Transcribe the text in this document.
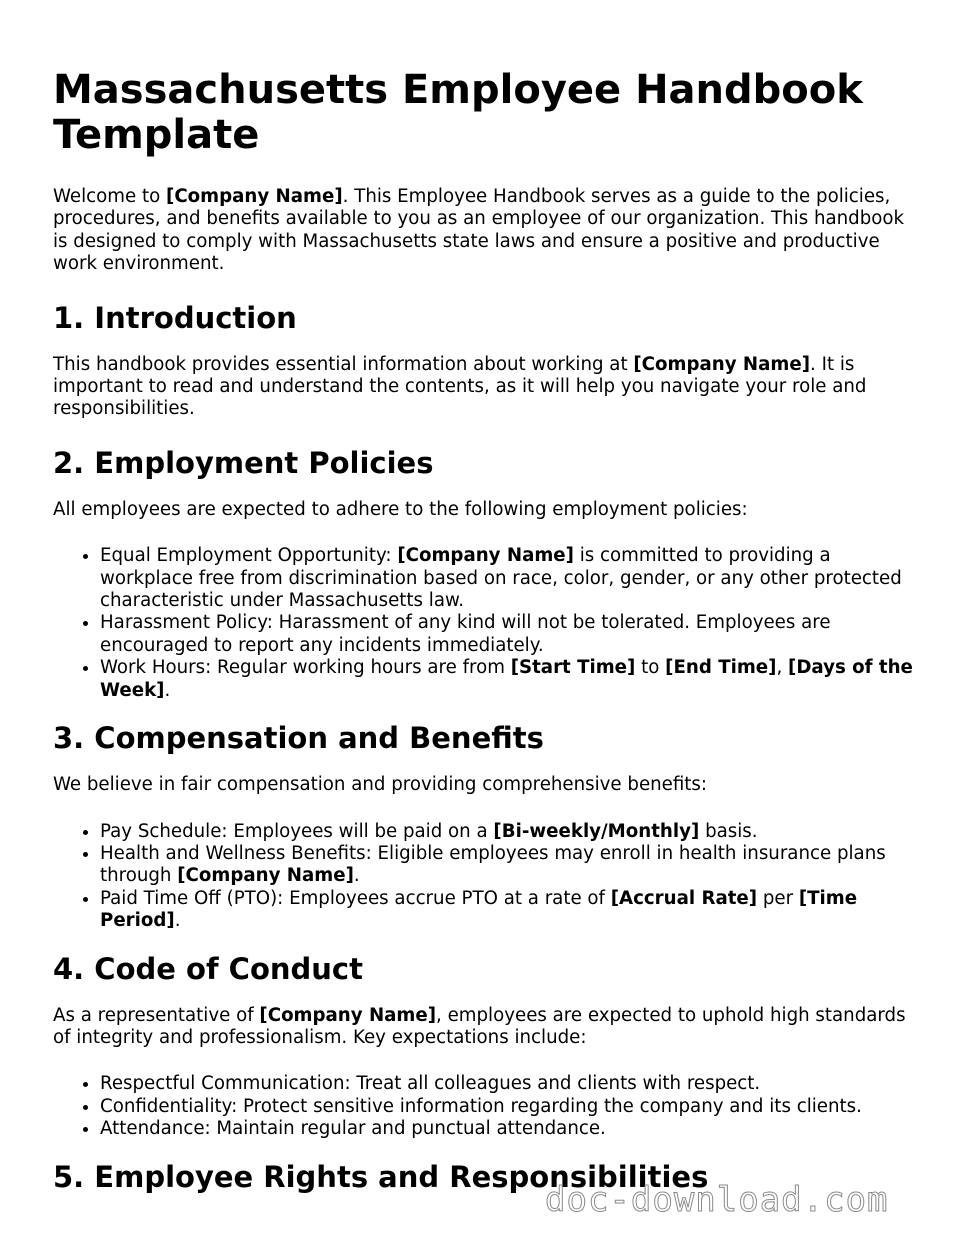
Massachusetts Employee Handbook Template

Welcome to [Company Name]. This Employee Handbook serves as a guide to the policies, procedures, and benefits available to you as an employee of our organization. This handbook is designed to comply with Massachusetts state laws and ensure a positive and productive work environment.

1. Introduction

This handbook provides essential information about working at [Company Name]. It is important to read and understand the contents, as it will help you navigate your role and responsibilities.

2. Employment Policies

All employees are expected to adhere to the following employment policies:

• Equal Employment Opportunity: [Company Name] is committed to providing a workplace free from discrimination based on race, color, gender, or any other protected characteristic under Massachusetts law.
• Harassment Policy: Harassment of any kind will not be tolerated. Employees are encouraged to report any incidents immediately.
• Work Hours: Regular working hours are from [Start Time] to [End Time], [Days of the Week].
3. Compensation and Benefits

We believe in fair compensation and providing comprehensive benefits:

• Pay Schedule: Employees will be paid on a [Bi-weekly/Monthly] basis.
• Health and Wellness Benefits: Eligible employees may enroll in health insurance plans through [Company Name].
• Paid Time Off (PTO): Employees accrue PTO at a rate of [Accrual Rate] per [Time Period].
4. Code of Conduct

As a representative of [Company Name], employees are expected to uphold high standards of integrity and professionalism. Key expectations include:

• Respectful Communication: Treat all colleagues and clients with respect.
• Confidentiality: Protect sensitive information regarding the company and its clients.
• Attendance: Maintain regular and punctual attendance.
5. Employee Rights and Responsibilities
doc-download.com
